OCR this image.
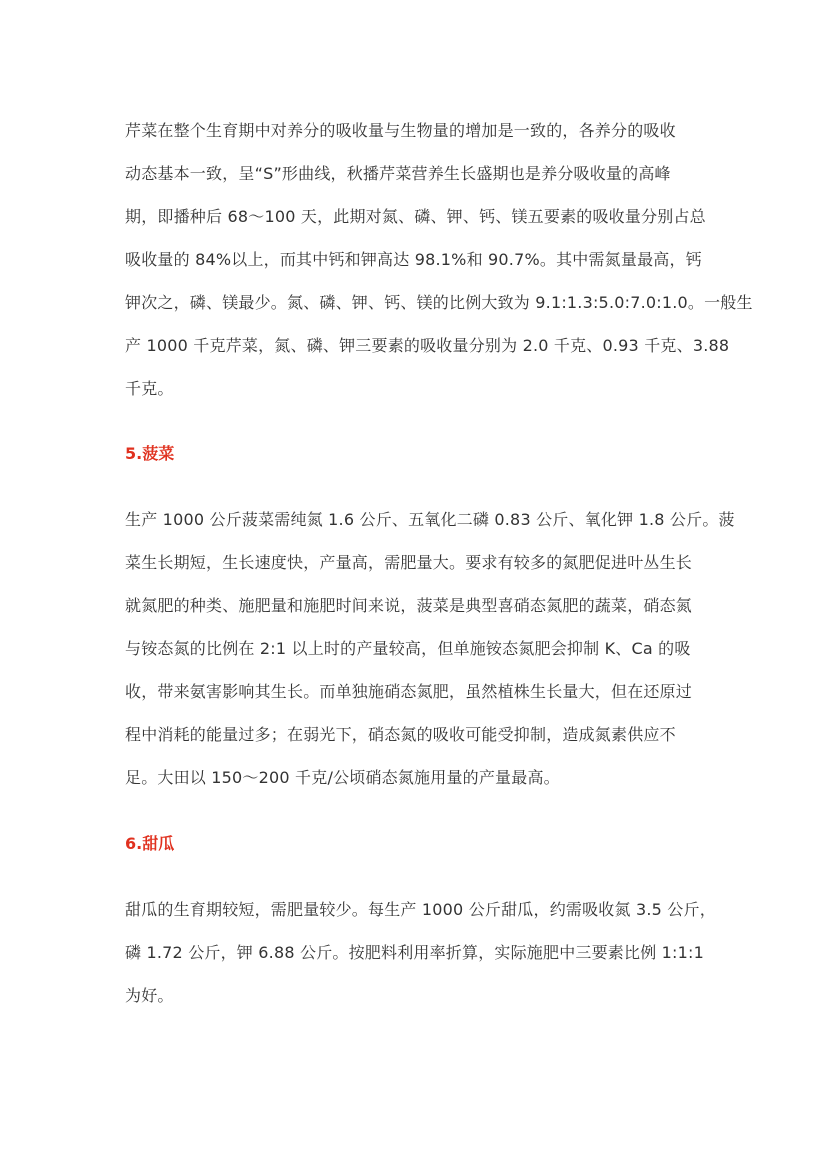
芹菜在整个生育期中对养分的吸收量与生物量的增加是一致的，各养分的吸收
动态基本一致，呈“S”形曲线，秋播芹菜营养生长盛期也是养分吸收量的高峰
期，即播种后 68～100 天，此期对氮、磷、钾、钙、镁五要素的吸收量分别占总
吸收量的 84%以上，而其中钙和钾高达 98.1%和 90.7%。其中需氮量最高，钙
钾次之，磷、镁最少。氮、磷、钾、钙、镁的比例大致为 9.1:1.3:5.0:7.0:1.0。一般生
产 1000 千克芹菜，氮、磷、钾三要素的吸收量分别为 2.0 千克、0.93 千克、3.88
千克。
5.菠菜
生产 1000 公斤菠菜需纯氮 1.6 公斤、五氧化二磷 0.83 公斤、氧化钾 1.8 公斤。菠
菜生长期短，生长速度快，产量高，需肥量大。要求有较多的氮肥促进叶丛生长
就氮肥的种类、施肥量和施肥时间来说，菠菜是典型喜硝态氮肥的蔬菜，硝态氮
与铵态氮的比例在 2:1 以上时的产量较高，但单施铵态氮肥会抑制 K、Ca 的吸
收，带来氨害影响其生长。而单独施硝态氮肥，虽然植株生长量大，但在还原过
程中消耗的能量过多；在弱光下，硝态氮的吸收可能受抑制，造成氮素供应不
足。大田以 150～200 千克/公顷硝态氮施用量的产量最高。
6.甜瓜
甜瓜的生育期较短，需肥量较少。每生产 1000 公斤甜瓜，约需吸收氮 3.5 公斤，
磷 1.72 公斤，钾 6.88 公斤。按肥料利用率折算，实际施肥中三要素比例 1:1:1
为好。
